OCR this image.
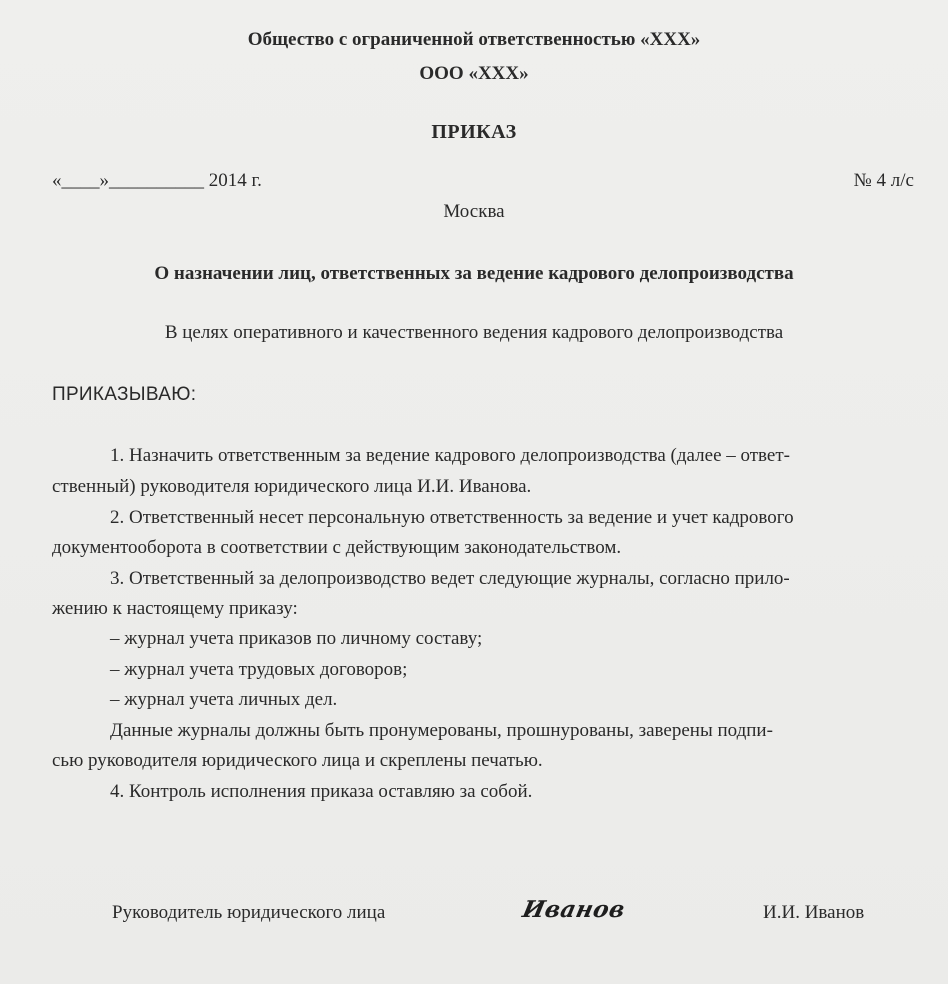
Общество с ограниченной ответственностью «ХХХ»
ООО «ХХХ»
ПРИКАЗ
«____»__________ 2014 г.	№ 4 л/с
Москва
О назначении лиц, ответственных за ведение кадрового делопроизводства
В целях оперативного и качественного ведения кадрового делопроизводства
ПРИКАЗЫВАЮ:
1. Назначить ответственным за ведение кадрового делопроизводства (далее – ответ-
ственный) руководителя юридического лица И.И. Иванова.
2. Ответственный несет персональную ответственность за ведение и учет кадрового
документооборота в соответствии с действующим законодательством.
3. Ответственный за делопроизводство ведет следующие журналы, согласно прило-
жению к настоящему приказу:
– журнал учета приказов по личному составу;
– журнал учета трудовых договоров;
– журнал учета личных дел.
Данные журналы должны быть пронумерованы, прошнурованы, заверены подпи-
сью руководителя юридического лица и скреплены печатью.
4. Контроль исполнения приказа оставляю за собой.
Руководитель юридического лица	Иванов	И.И. Иванов
